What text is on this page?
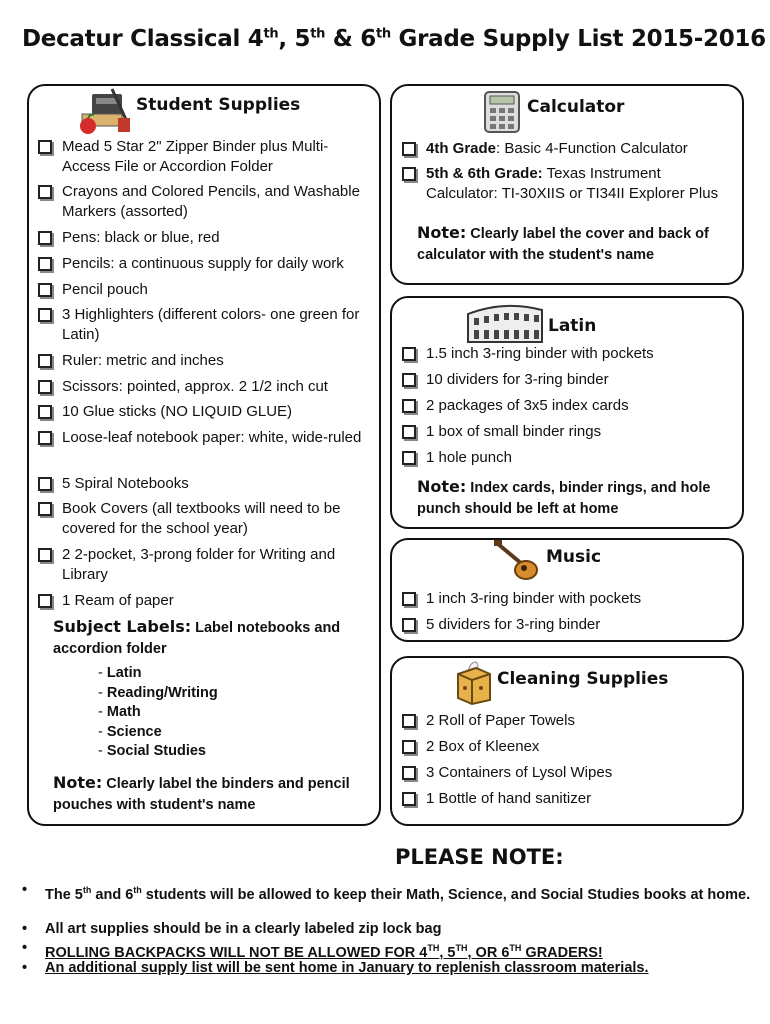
Decatur Classical 4th, 5th & 6th Grade Supply List 2015-2016
Student Supplies
Mead 5 Star 2" Zipper Binder plus Multi-Access File or Accordion Folder
Crayons and Colored Pencils, and Washable Markers (assorted)
Pens: black or blue, red
Pencils: a continuous supply for daily work
Pencil pouch
3 Highlighters (different colors- one green for Latin)
Ruler: metric and inches
Scissors: pointed, approx. 2 1/2 inch cut
10 Glue sticks (NO LIQUID GLUE)
Loose-leaf notebook paper: white, wide-ruled
5 Spiral Notebooks
Book Covers (all textbooks will need to be covered for the school year)
2 2-pocket, 3-prong folder for Writing and Library
1 Ream of paper
Subject Labels: Label notebooks and accordion folder
- Latin
- Reading/Writing
- Math
- Science
- Social Studies
Note: Clearly label the binders and pencil pouches with student's name
Calculator
4th Grade: Basic 4-Function Calculator
5th & 6th Grade: Texas Instrument Calculator: TI-30XIIS or TI34II Explorer Plus
Note: Clearly label the cover and back of calculator with the student's name
Latin
1.5 inch 3-ring binder with pockets
10 dividers for 3-ring binder
2 packages of 3x5 index cards
1 box of small binder rings
1 hole punch
Note: Index cards, binder rings, and hole punch should be left at home
Music
1 inch 3-ring binder with pockets
5 dividers for 3-ring binder
Cleaning Supplies
2 Roll of Paper Towels
2 Box of Kleenex
3 Containers of Lysol Wipes
1 Bottle of hand sanitizer
PLEASE NOTE:
• The 5th and 6th students will be allowed to keep their Math, Science, and Social Studies books at home.
• All art supplies should be in a clearly labeled zip lock bag
• ROLLING BACKPACKS WILL NOT BE ALLOWED FOR 4TH, 5TH, OR 6TH GRADERS!
• An additional supply list will be sent home in January to replenish classroom materials.
